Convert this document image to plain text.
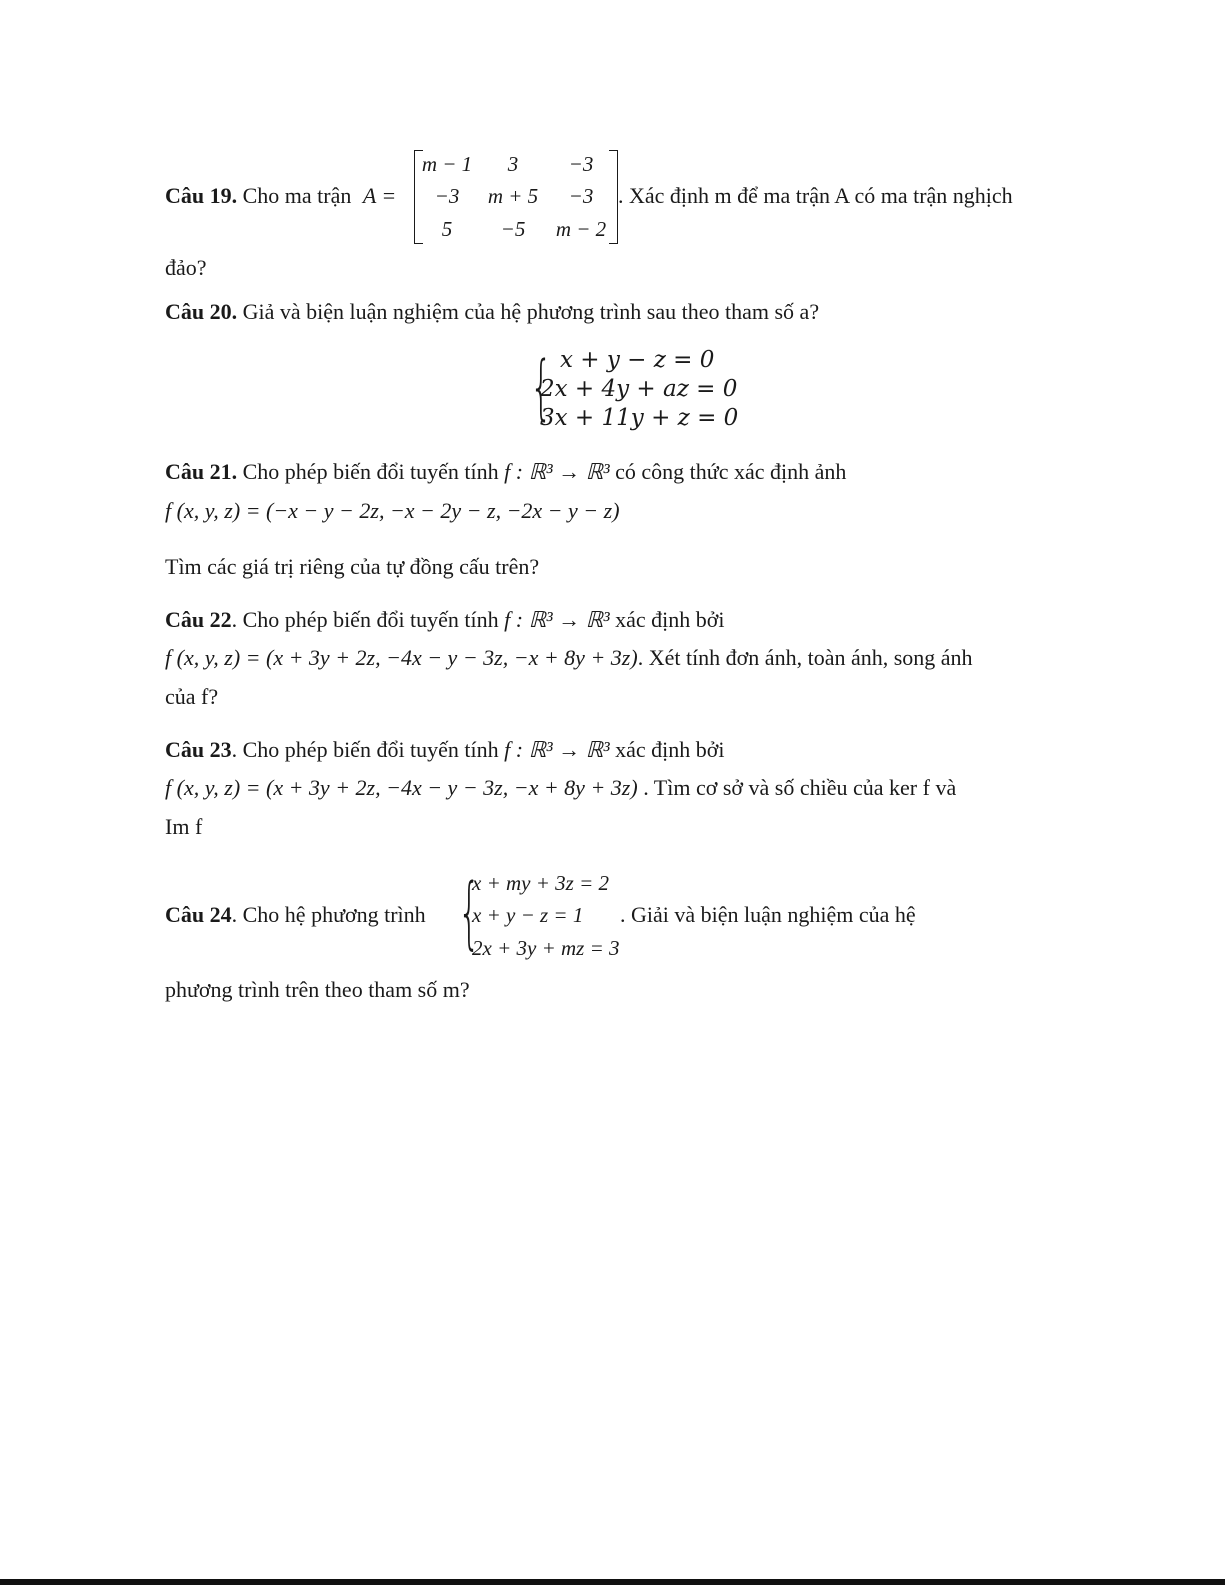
Câu 19. Cho ma trận A =
m − 1	3	−3
−3	m + 5	−3
5	−5	m − 2
. Xác định m để ma trận A có ma trận nghịch
đảo?
Câu 20. Giả và biện luận nghiệm của hệ phương trình sau theo tham số a?
{ x + y − z = 0
2x + 4y + az = 0
3x + 11y + z = 0
Câu 21. Cho phép biến đổi tuyến tính f : ℝ³ → ℝ³ có công thức xác định ảnh
f (x, y, z) = (−x − y − 2z, −x − 2y − z, −2x − y − z)
Tìm các giá trị riêng của tự đồng cấu trên?
Câu 22. Cho phép biến đổi tuyến tính f : ℝ³ → ℝ³ xác định bởi
f (x, y, z) = (x + 3y + 2z, −4x − y − 3z, −x + 8y + 3z). Xét tính đơn ánh, toàn ánh, song ánh
của f?
Câu 23. Cho phép biến đổi tuyến tính f : ℝ³ → ℝ³ xác định bởi
f (x, y, z) = (x + 3y + 2z, −4x − y − 3z, −x + 8y + 3z) . Tìm cơ sở và số chiều của ker f và
Im f
Câu 24. Cho hệ phương trình {
x + my + 3z = 2
x + y − z = 1
2x + 3y + mz = 3
. Giải và biện luận nghiệm của hệ
phương trình trên theo tham số m?
